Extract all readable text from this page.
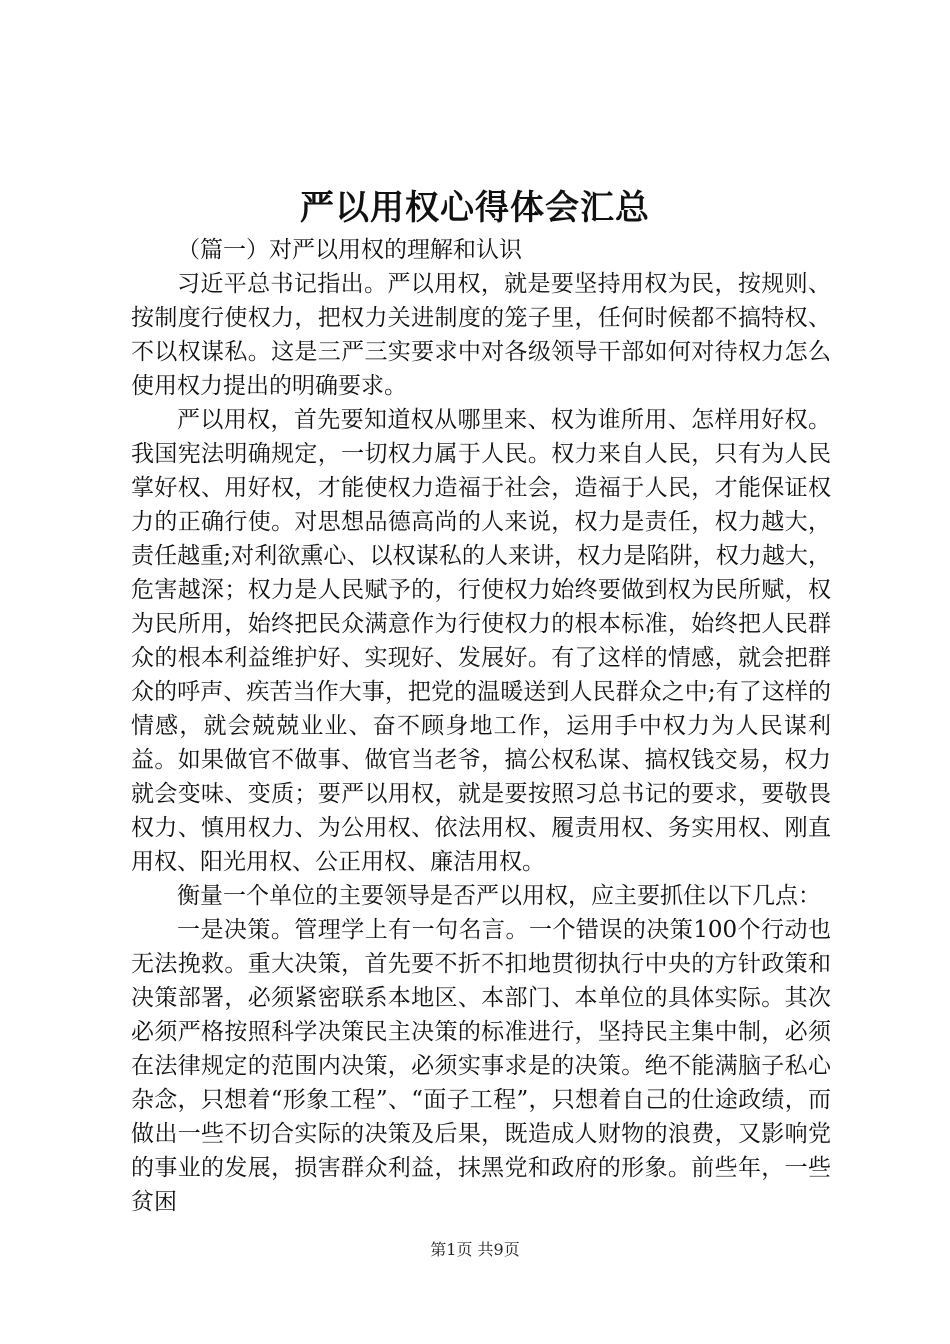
严以用权心得体会汇总

（篇一）对严以用权的理解和认识

习近平总书记指出。严以用权，就是要坚持用权为民，按规则、按制度行使权力，把权力关进制度的笼子里，任何时候都不搞特权、不以权谋私。这是三严三实要求中对各级领导干部如何对待权力怎么使用权力提出的明确要求。

严以用权，首先要知道权从哪里来、权为谁所用、怎样用好权。我国宪法明确规定，一切权力属于人民。权力来自人民，只有为人民掌好权、用好权，才能使权力造福于社会，造福于人民，才能保证权力的正确行使。对思想品德高尚的人来说，权力是责任，权力越大，责任越重;对利欲熏心、以权谋私的人来讲，权力是陷阱，权力越大，危害越深；权力是人民赋予的，行使权力始终要做到权为民所赋，权为民所用，始终把民众满意作为行使权力的根本标准，始终把人民群众的根本利益维护好、实现好、发展好。有了这样的情感，就会把群众的呼声、疾苦当作大事，把党的温暖送到人民群众之中;有了这样的情感，就会兢兢业业、奋不顾身地工作，运用手中权力为人民谋利益。如果做官不做事、做官当老爷，搞公权私谋、搞权钱交易，权力就会变味、变质；要严以用权，就是要按照习总书记的要求，要敬畏权力、慎用权力、为公用权、依法用权、履责用权、务实用权、刚直用权、阳光用权、公正用权、廉洁用权。

衡量一个单位的主要领导是否严以用权，应主要抓住以下几点：

一是决策。管理学上有一句名言。一个错误的决策100个行动也无法挽救。重大决策，首先要不折不扣地贯彻执行中央的方针政策和决策部署，必须紧密联系本地区、本部门、本单位的具体实际。其次必须严格按照科学决策民主决策的标准进行，坚持民主集中制，必须在法律规定的范围内决策，必须实事求是的决策。绝不能满脑子私心杂念，只想着“形象工程”、“面子工程”，只想着自己的仕途政绩，而做出一些不切合实际的决策及后果，既造成人财物的浪费，又影响党的事业的发展，损害群众利益，抹黑党和政府的形象。前些年，一些贫困

第1页 共9页
